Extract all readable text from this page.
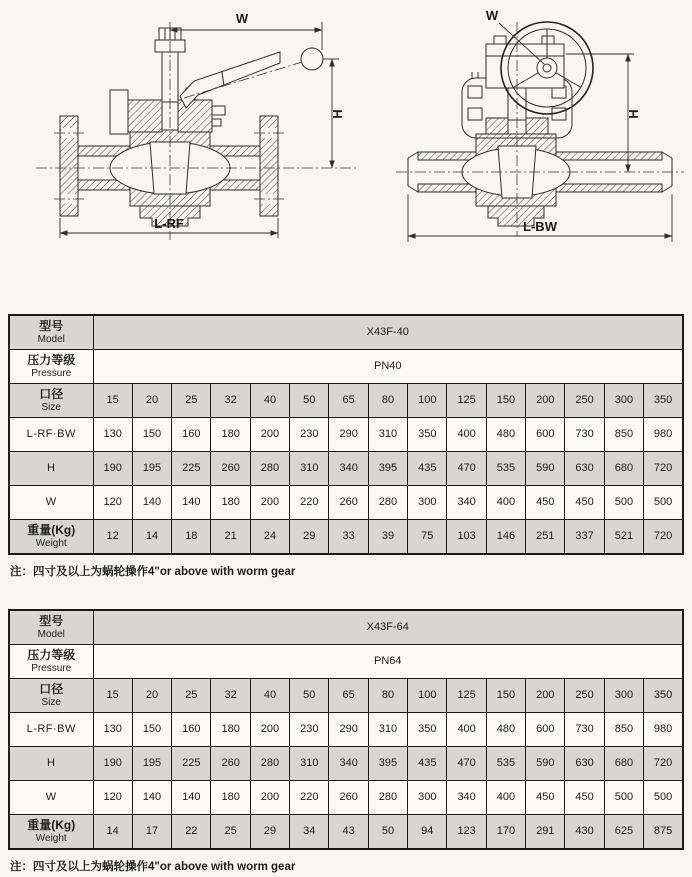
W
H
L-RF
W
H
L-BW
型号
Model	X43F-40														

压力等级
Pressure	PN40														

口径
Size	15	20	25	32	40	50	65	80	100	125	150	200	250	300	350
L-RF·BW	130	150	160	180	200	230	290	310	350	400	480	600	730	850	980
H	190	195	225	260	280	310	340	395	435	470	535	590	630	680	720
W	120	140	140	180	200	220	260	280	300	340	400	450	450	500	500

重量(Kg)
Weight	12	14	18	21	24	29	33	39	75	103	146	251	337	521	720

注：四寸及以上为蜗轮操作4"or above with worm gear

型号
Model	X43F-64														

压力等级
Pressure	PN64														

口径
Size	15	20	25	32	40	50	65	80	100	125	150	200	250	300	350
L-RF·BW	130	150	160	180	200	230	290	310	350	400	480	600	730	850	980
H	190	195	225	260	280	310	340	395	435	470	535	590	630	680	720
W	120	140	140	180	200	220	260	280	300	340	400	450	450	500	500

重量(Kg)
Weight	14	17	22	25	29	34	43	50	94	123	170	291	430	625	875

注：四寸及以上为蜗轮操作4"or above with worm gear
